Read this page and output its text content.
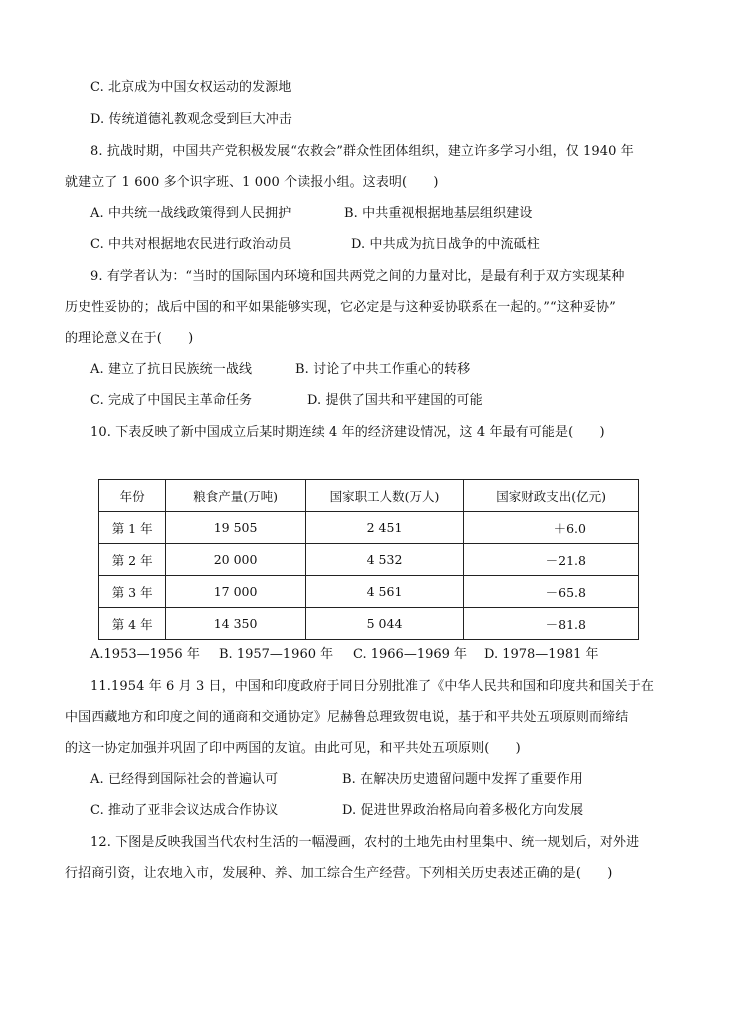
C. 北京成为中国女权运动的发源地
D. 传统道德礼教观念受到巨大冲击
8. 抗战时期，中国共产党积极发展“农救会”群众性团体组织，建立许多学习小组，仅 1940 年
就建立了 1 600 多个识字班、1 000 个读报小组。这表明(　　)
A. 中共统一战线政策得到人民拥护	B. 中共重视根据地基层组织建设
C. 中共对根据地农民进行政治动员	D. 中共成为抗日战争的中流砥柱
9. 有学者认为：“当时的国际国内环境和国共两党之间的力量对比，是最有利于双方实现某种
历史性妥协的；战后中国的和平如果能够实现，它必定是与这种妥协联系在一起的。”“这种妥协”
的理论意义在于(　　)
A. 建立了抗日民族统一战线	B. 讨论了中共工作重心的转移
C. 完成了中国民主革命任务	D. 提供了国共和平建国的可能
10. 下表反映了新中国成立后某时期连续 4 年的经济建设情况，这 4 年最有可能是(　　)
年份	粮食产量(万吨)	国家职工人数(万人)	国家财政支出(亿元)
第 1 年	19 505	2 451	＋6.0
第 2 年	20 000	4 532	－21.8
第 3 年	17 000	4 561	－65.8
第 4 年	14 350	5 044	－81.8
A.1953—1956 年 B. 1957—1960 年 C. 1966—1969 年 D. 1978—1981 年
11.1954 年 6 月 3 日，中国和印度政府于同日分别批准了《中华人民共和国和印度共和国关于在
中国西藏地方和印度之间的通商和交通协定》尼赫鲁总理致贺电说，基于和平共处五项原则而缔结
的这一协定加强并巩固了印中两国的友谊。由此可见，和平共处五项原则(　　)
A. 已经得到国际社会的普遍认可	B. 在解决历史遗留问题中发挥了重要作用
C. 推动了亚非会议达成合作协议	D. 促进世界政治格局向着多极化方向发展
12. 下图是反映我国当代农村生活的一幅漫画，农村的土地先由村里集中、统一规划后，对外进
行招商引资，让农地入市，发展种、养、加工综合生产经营。下列相关历史表述正确的是(　　)
